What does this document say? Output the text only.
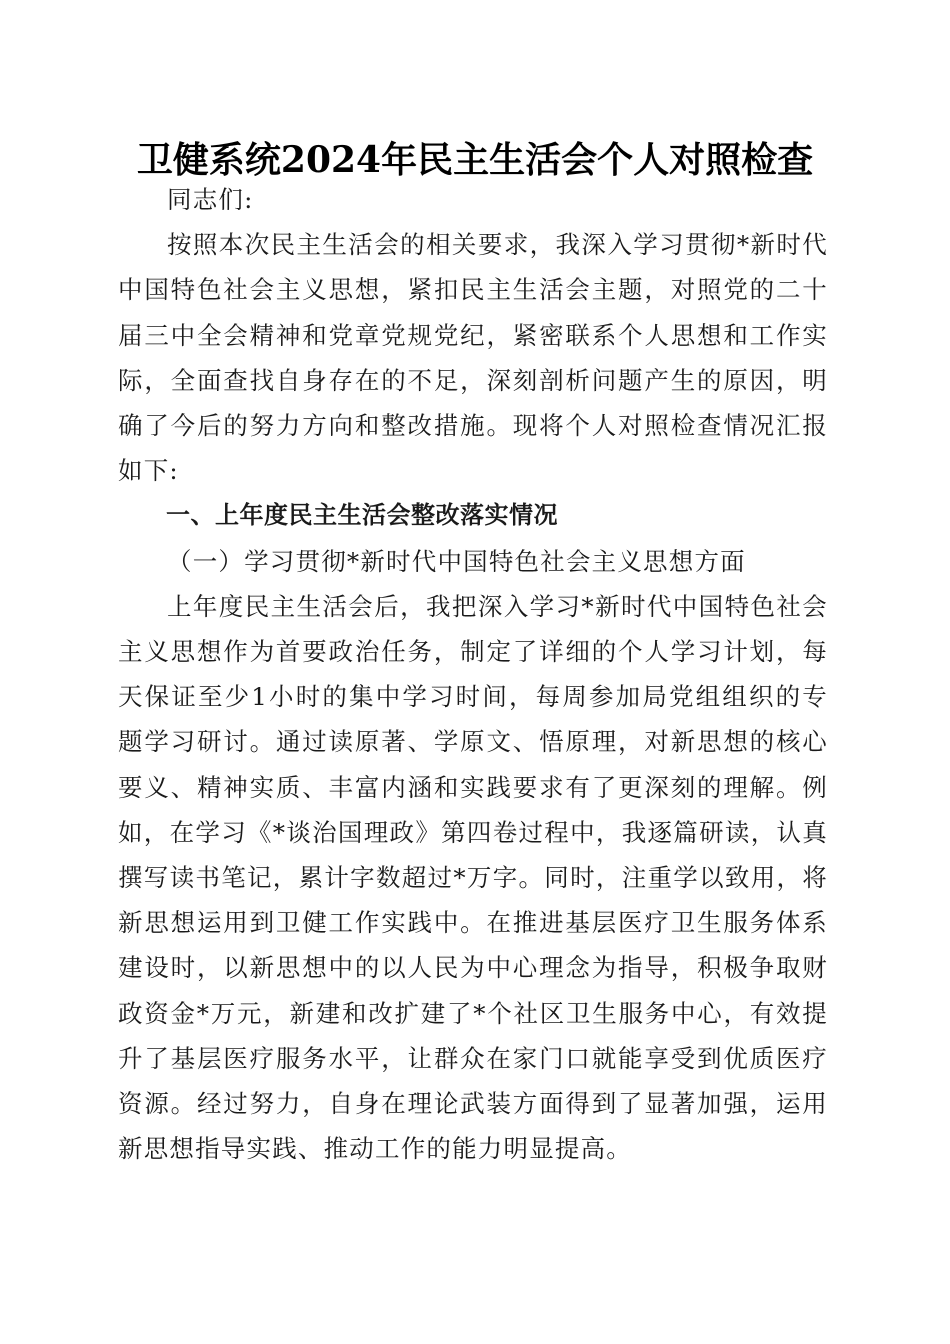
卫健系统2024年民主生活会个人对照检查

同志们:

按照本次民主生活会的相关要求，我深入学习贯彻*新时代中国特色社会主义思想，紧扣民主生活会主题，对照党的二十届三中全会精神和党章党规党纪，紧密联系个人思想和工作实际，全面查找自身存在的不足，深刻剖析问题产生的原因，明确了今后的努力方向和整改措施。现将个人对照检查情况汇报如下:

一、上年度民主生活会整改落实情况

（一）学习贯彻*新时代中国特色社会主义思想方面

上年度民主生活会后，我把深入学习*新时代中国特色社会主义思想作为首要政治任务，制定了详细的个人学习计划，每天保证至少1小时的集中学习时间，每周参加局党组组织的专题学习研讨。通过读原著、学原文、悟原理，对新思想的核心要义、精神实质、丰富内涵和实践要求有了更深刻的理解。例如，在学习《*谈治国理政》第四卷过程中，我逐篇研读，认真撰写读书笔记，累计字数超过*万字。同时，注重学以致用，将新思想运用到卫健工作实践中。在推进基层医疗卫生服务体系建设时，以新思想中的以人民为中心理念为指导，积极争取财政资金*万元，新建和改扩建了*个社区卫生服务中心，有效提升了基层医疗服务水平，让群众在家门口就能享受到优质医疗资源。经过努力，自身在理论武装方面得到了显著加强，运用新思想指导实践、推动工作的能力明显提高。
